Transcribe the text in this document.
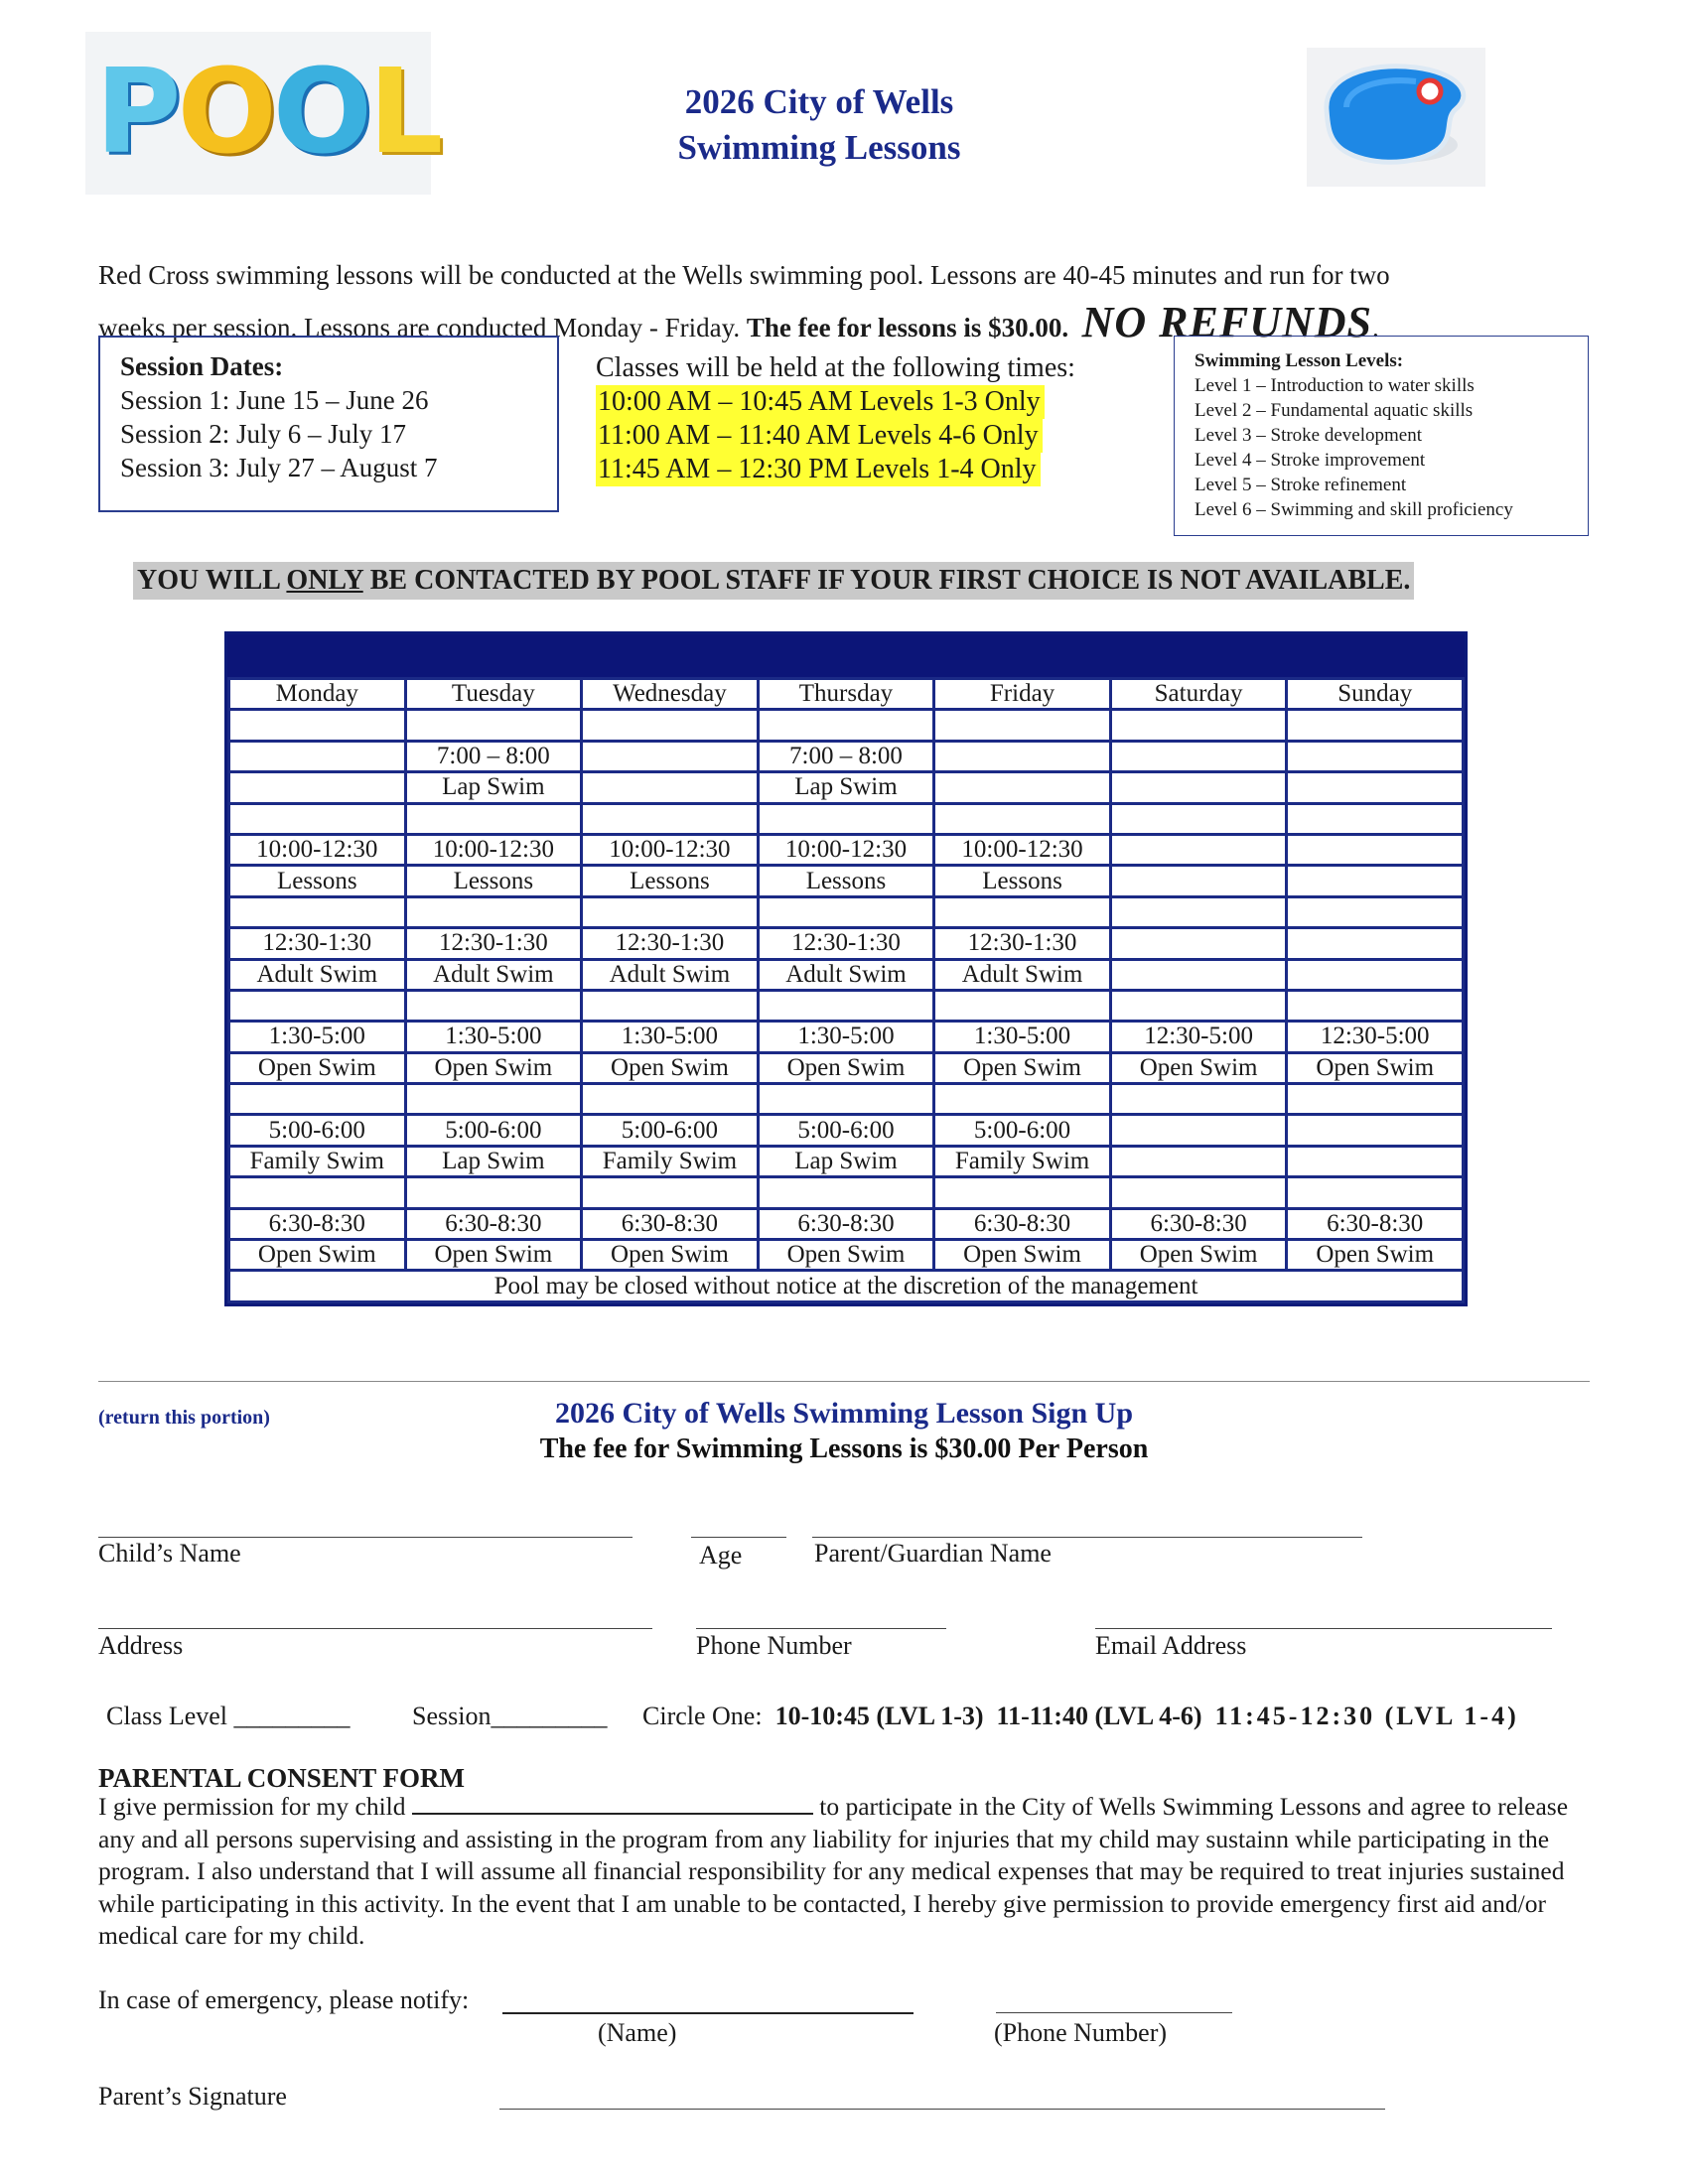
POOL	2026 City of Wells
Swimming Lessons
Red Cross swimming lessons will be conducted at the Wells swimming pool. Lessons are 40-45 minutes and run for two
weeks per session. Lessons are conducted Monday - Friday. The fee for lessons is $30.00. NO REFUNDS.
Session Dates:
Session 1: June 15 – June 26
Session 2: July 6 – July 17
Session 3: July 27 – August 7
Classes will be held at the following times:
10:00 AM – 10:45 AM Levels 1-3 Only
11:00 AM – 11:40 AM Levels 4-6 Only
11:45 AM – 12:30 PM Levels 1-4 Only
Swimming Lesson Levels:
Level 1 – Introduction to water skills
Level 2 – Fundamental aquatic skills
Level 3 – Stroke development
Level 4 – Stroke improvement
Level 5 – Stroke refinement
Level 6 – Swimming and skill proficiency
YOU WILL ONLY BE CONTACTED BY POOL STAFF IF YOUR FIRST CHOICE IS NOT AVAILABLE.
Monday	Tuesday	Wednesday	Thursday	Friday	Saturday	Sunday

	7:00 – 8:00		7:00 – 8:00			
	Lap Swim		Lap Swim			

10:00-12:30	10:00-12:30	10:00-12:30	10:00-12:30	10:00-12:30		
Lessons	Lessons	Lessons	Lessons	Lessons		

12:30-1:30	12:30-1:30	12:30-1:30	12:30-1:30	12:30-1:30		
Adult Swim	Adult Swim	Adult Swim	Adult Swim	Adult Swim		

1:30-5:00	1:30-5:00	1:30-5:00	1:30-5:00	1:30-5:00	12:30-5:00	12:30-5:00
Open Swim	Open Swim	Open Swim	Open Swim	Open Swim	Open Swim	Open Swim

5:00-6:00	5:00-6:00	5:00-6:00	5:00-6:00	5:00-6:00		
Family Swim	Lap Swim	Family Swim	Lap Swim	Family Swim		

6:30-8:30	6:30-8:30	6:30-8:30	6:30-8:30	6:30-8:30	6:30-8:30	6:30-8:30
Open Swim	Open Swim	Open Swim	Open Swim	Open Swim	Open Swim	Open Swim
Pool may be closed without notice at the discretion of the management						
(return this portion)	2026 City of Wells Swimming Lesson Sign Up
The fee for Swimming Lessons is $30.00 Per Person
Child’s Name	Age	Parent/Guardian Name
Address	Phone Number	Email Address
Class Level _________ Session_________ Circle One: 10-10:45 (LVL 1-3) 11-11:40 (LVL 4-6) 11:45-12:30 (LVL 1-4)
PARENTAL CONSENT FORM
I give permission for my child	to participate in the City of Wells Swimming Lessons and agree to release any and all persons supervising and assisting in the program from any liability for injuries that my child may sustainn while participating in the program. I also understand that I will assume all financial responsibility for any medical expenses that may be required to treat injuries sustained while participating in this activity. In the event that I am unable to be contacted, I hereby give permission to provide emergency first aid and/or medical care for my child.
In case of emergency, please notify:
(Name)	(Phone Number)
Parent’s Signature
